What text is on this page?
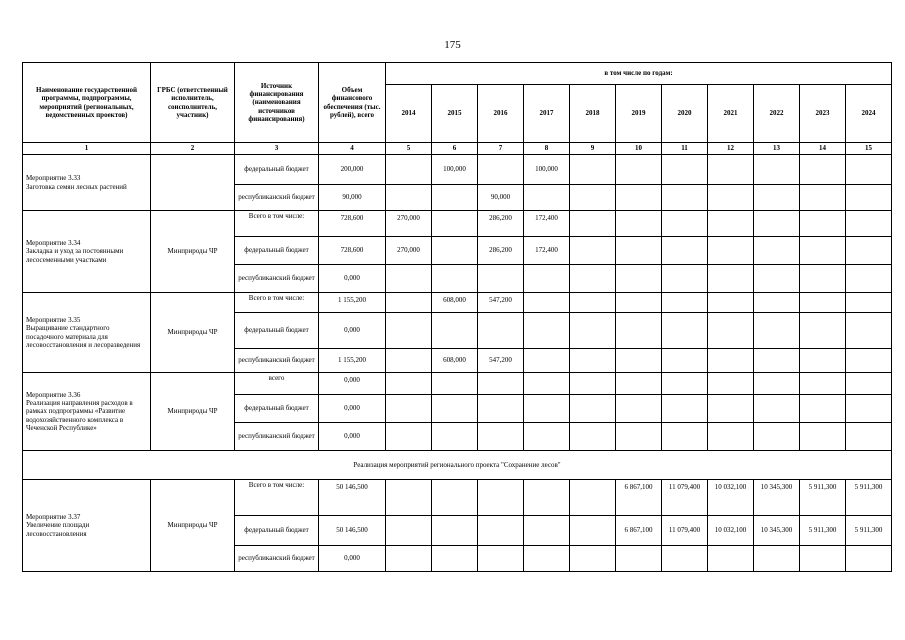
175
Наименование государственной программы, подпрограммы, мероприятий (региональных, ведомственных проектов)	ГРБС (ответственный исполнитель, соисполнитель, участник)	Источник финансирования (наименования источников финансирования)	Объем финансового обеспечения (тыс. рублей), всего	в том числе по годам:										
				2014	2015	2016	2017	2018	2019	2020	2021	2022	2023	2024
1	2	3	4	5	6	7	8	9	10	11	12	13	14	15
Мероприятие 3.33
Заготовка семян лесных растений		федеральный бюджет	200,000		100,000		100,000							
		республиканский бюджет	90,000			90,000								
Мероприятие 3.34
Закладка и уход за постоянными лесосеменными участками	Минприроды ЧР	Всего в том числе:	728,600	270,000		286,200	172,400							
		федеральный бюджет	728,600	270,000		286,200	172,400							
		республиканский бюджет	0,000											
Мероприятие 3.35
Выращивание стандартного посадочного материала для лесовосстановления и лесоразведения	Минприроды ЧР	Всего в том числе:	1 155,200		608,000	547,200								
		федеральный бюджет	0,000											
		республиканский бюджет	1 155,200		608,000	547,200								
Мероприятие 3.36
Реализация направления расходов в рамках подпрограммы «Развитие водохозяйственного комплекса в Чеченской Республике»	Минприроды ЧР	всего	0,000											
		федеральный бюджет	0,000											
		республиканский бюджет	0,000											
Реализация мероприятий регионального проекта "Сохранение лесов"														
Мероприятие 3.37
Увеличение площади лесовосстановления	Минприроды ЧР	Всего в том числе:	50 146,500						6 867,100	11 079,400	10 032,100	10 345,300	5 911,300	5 911,300
		федеральный бюджет	50 146,500						6 867,100	11 079,400	10 032,100	10 345,300	5 911,300	5 911,300
		республиканский бюджет	0,000											
